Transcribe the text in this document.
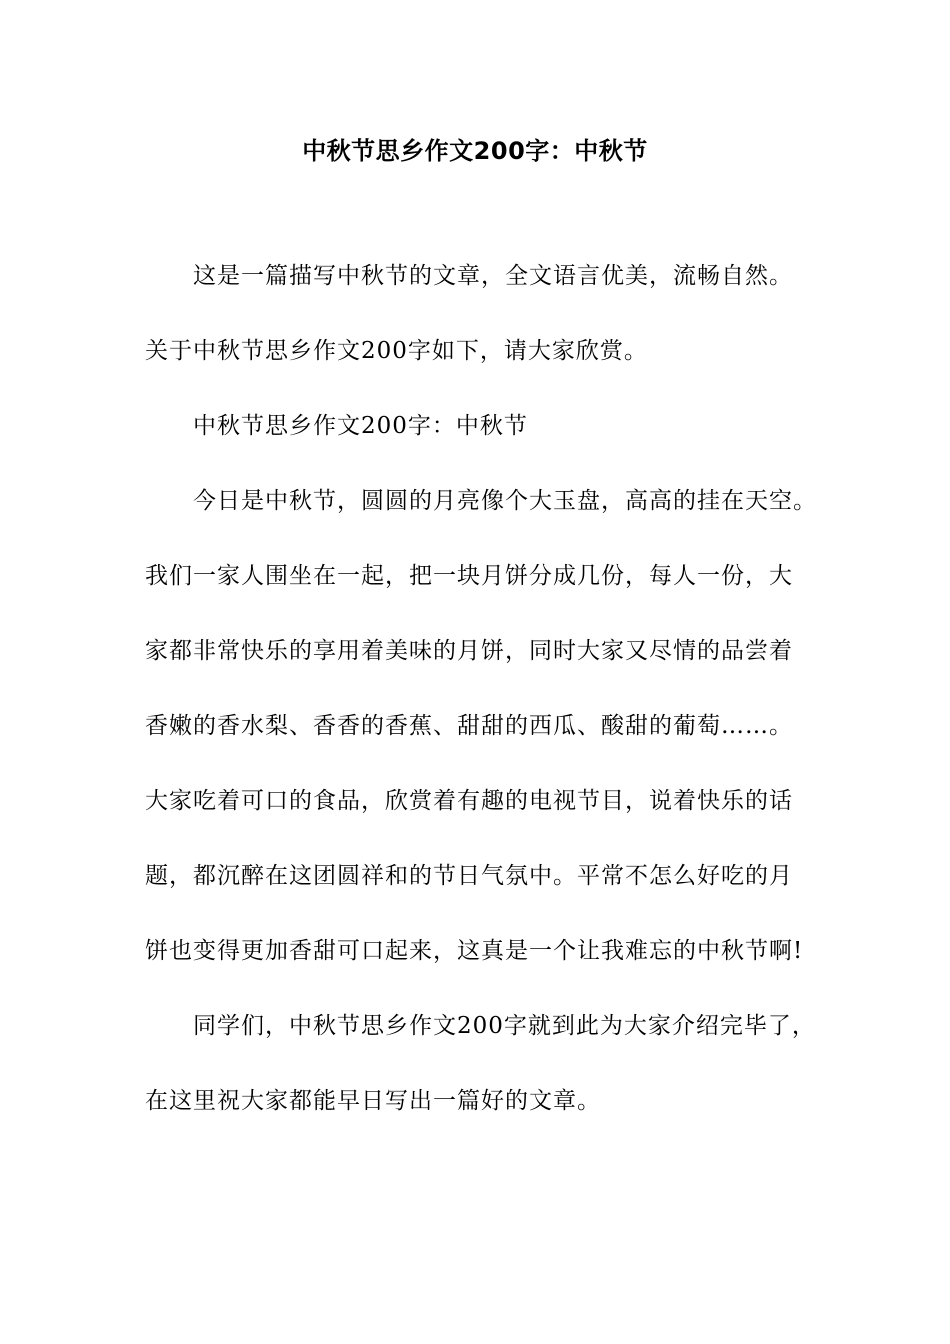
中秋节思乡作文200字：中秋节
这是一篇描写中秋节的文章，全文语言优美，流畅自然。
关于中秋节思乡作文200字如下，请大家欣赏。
中秋节思乡作文200字：中秋节
今日是中秋节，圆圆的月亮像个大玉盘，高高的挂在天空。
我们一家人围坐在一起，把一块月饼分成几份，每人一份，大
家都非常快乐的享用着美味的月饼，同时大家又尽情的品尝着
香嫩的香水梨、香香的香蕉、甜甜的西瓜、酸甜的葡萄……。
大家吃着可口的食品，欣赏着有趣的电视节目，说着快乐的话
题，都沉醉在这团圆祥和的节日气氛中。平常不怎么好吃的月
饼也变得更加香甜可口起来，这真是一个让我难忘的中秋节啊!
同学们，中秋节思乡作文200字就到此为大家介绍完毕了，
在这里祝大家都能早日写出一篇好的文章。
